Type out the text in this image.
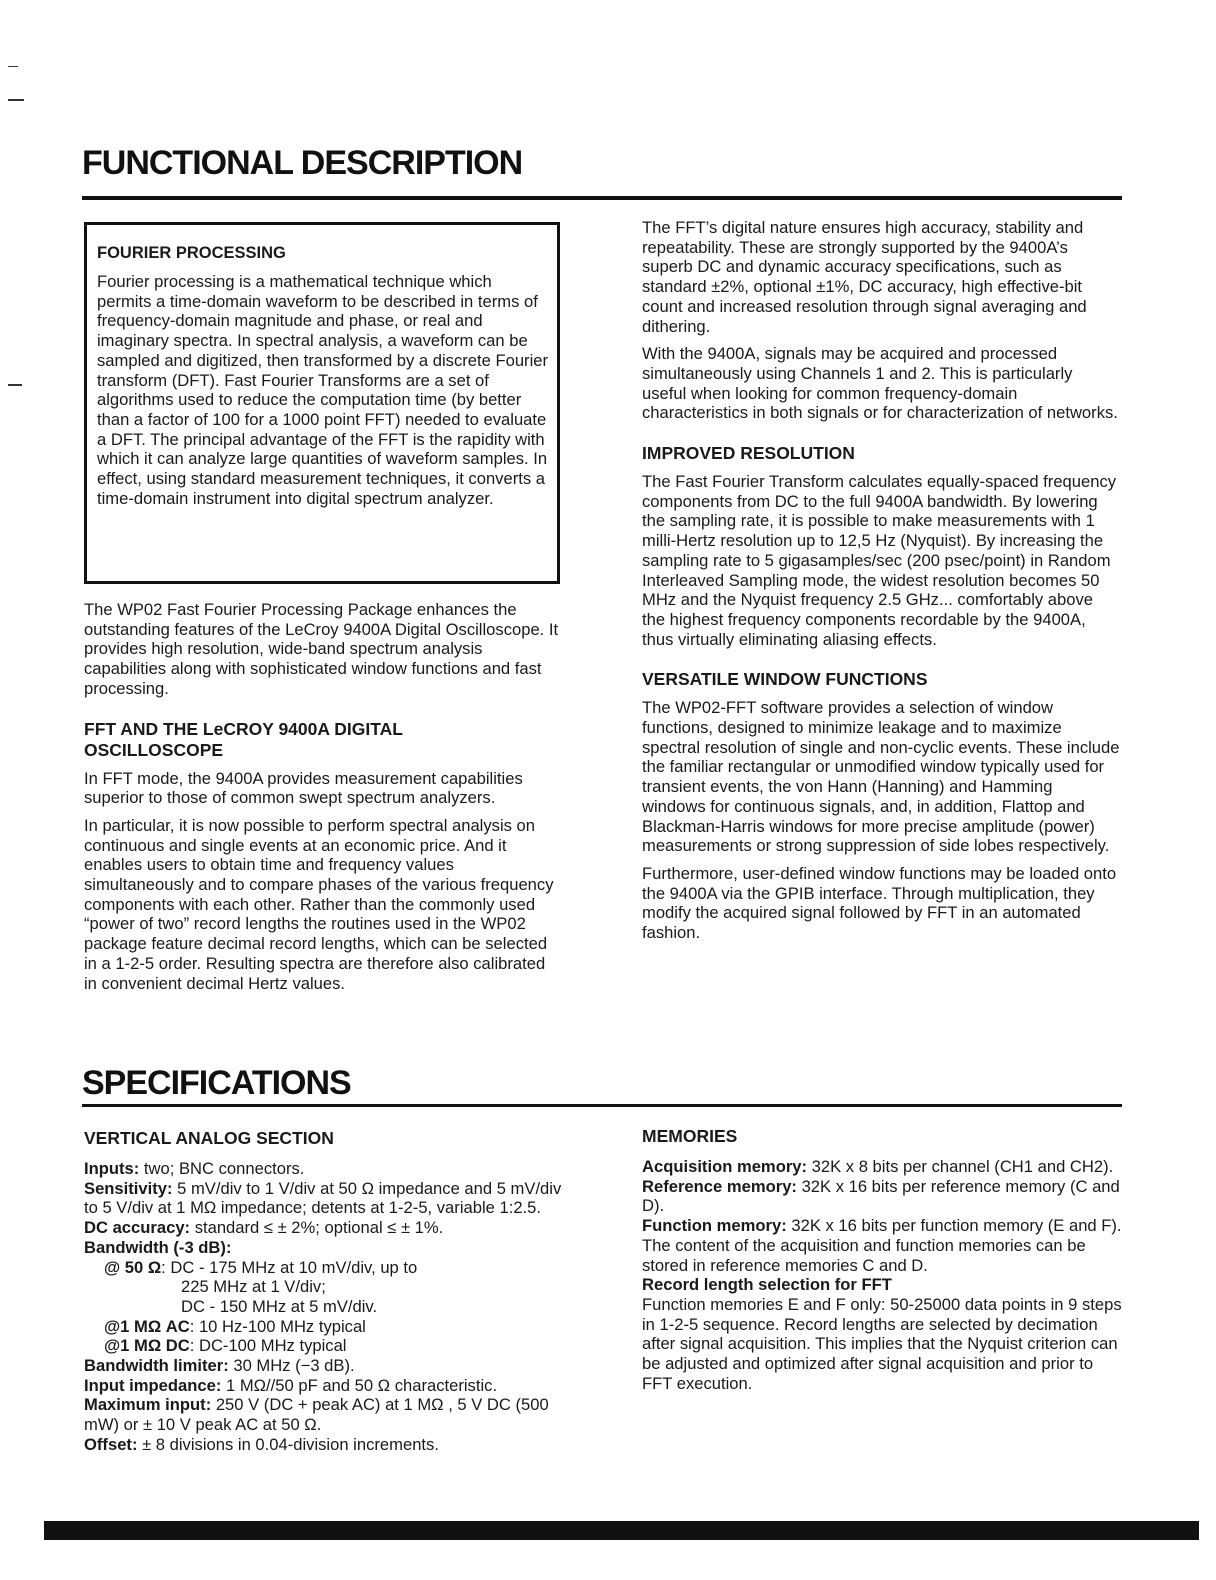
FUNCTIONAL DESCRIPTION
FOURIER PROCESSING

Fourier processing is a mathematical technique which permits a time-domain waveform to be described in terms of frequency-domain magnitude and phase, or real and imaginary spectra. In spectral analysis, a waveform can be sampled and digitized, then transformed by a discrete Fourier transform (DFT). Fast Fourier Transforms are a set of algorithms used to reduce the computation time (by better than a factor of 100 for a 1000 point FFT) needed to evaluate a DFT. The principal advantage of the FFT is the rapidity with which it can analyze large quantities of waveform samples. In effect, using standard measurement techniques, it converts a time-domain instrument into digital spectrum analyzer.

The WP02 Fast Fourier Processing Package enhances the outstanding features of the LeCroy 9400A Digital Oscilloscope. It provides high resolution, wide-band spectrum analysis capabilities along with sophisticated window functions and fast processing.

FFT AND THE LeCROY 9400A DIGITAL OSCILLOSCOPE

In FFT mode, the 9400A provides measurement capabilities superior to those of common swept spectrum analyzers.

In particular, it is now possible to perform spectral analysis on continuous and single events at an economic price. And it enables users to obtain time and frequency values simultaneously and to compare phases of the various frequency components with each other. Rather than the commonly used “power of two” record lengths the routines used in the WP02 package feature decimal record lengths, which can be selected in a 1-2-5 order. Resulting spectra are therefore also calibrated in convenient decimal Hertz values.

The FFT’s digital nature ensures high accuracy, stability and repeatability. These are strongly supported by the 9400A’s superb DC and dynamic accuracy specifications, such as standard ±2%, optional ±1%, DC accuracy, high effective-bit count and increased resolution through signal averaging and dithering.

With the 9400A, signals may be acquired and processed simultaneously using Channels 1 and 2. This is particularly useful when looking for common frequency-domain characteristics in both signals or for characterization of networks.

IMPROVED RESOLUTION

The Fast Fourier Transform calculates equally-spaced frequency components from DC to the full 9400A bandwidth. By lowering the sampling rate, it is possible to make measurements with 1 milli-Hertz resolution up to 12,5 Hz (Nyquist). By increasing the sampling rate to 5 gigasamples/sec (200 psec/point) in Random Interleaved Sampling mode, the widest resolution becomes 50 MHz and the Nyquist frequency 2.5 GHz... comfortably above the highest frequency components recordable by the 9400A, thus virtually eliminating aliasing effects.

VERSATILE WINDOW FUNCTIONS

The WP02-FFT software provides a selection of window functions, designed to minimize leakage and to maximize spectral resolution of single and non-cyclic events. These include the familiar rectangular or unmodified window typically used for transient events, the von Hann (Hanning) and Hamming windows for continuous signals, and, in addition, Flattop and Blackman-Harris windows for more precise amplitude (power) measurements or strong suppression of side lobes respectively.

Furthermore, user-defined window functions may be loaded onto the 9400A via the GPIB interface. Through multiplication, they modify the acquired signal followed by FFT in an automated fashion.

SPECIFICATIONS
VERTICAL ANALOG SECTION

Inputs: two; BNC connectors.

Sensitivity: 5 mV/div to 1 V/div at 50 Ω impedance and 5 mV/div to 5 V/div at 1 MΩ impedance; detents at 1-2-5, variable 1:2.5.

DC accuracy: standard ≤ ± 2%; optional ≤ ± 1%.

Bandwidth (-3 dB):

@ 50 Ω: DC - 175 MHz at 10 mV/div, up to

225 MHz at 1 V/div;

DC - 150 MHz at 5 mV/div.

@1 MΩ AC: 10 Hz-100 MHz typical

@1 MΩ DC: DC-100 MHz typical

Bandwidth limiter: 30 MHz (−3 dB).

Input impedance: 1 MΩ//50 pF and 50 Ω characteristic.

Maximum input: 250 V (DC + peak AC) at 1 MΩ , 5 V DC (500 mW) or ± 10 V peak AC at 50 Ω.

Offset: ± 8 divisions in 0.04-division increments.

MEMORIES

Acquisition memory: 32K x 8 bits per channel (CH1 and CH2).

Reference memory: 32K x 16 bits per reference memory (C and D).

Function memory: 32K x 16 bits per function memory (E and F).

The content of the acquisition and function memories can be stored in reference memories C and D.

Record length selection for FFT

Function memories E and F only: 50-25000 data points in 9 steps in 1-2-5 sequence. Record lengths are selected by decimation after signal acquisition. This implies that the Nyquist criterion can be adjusted and optimized after signal acquisition and prior to FFT execution.
